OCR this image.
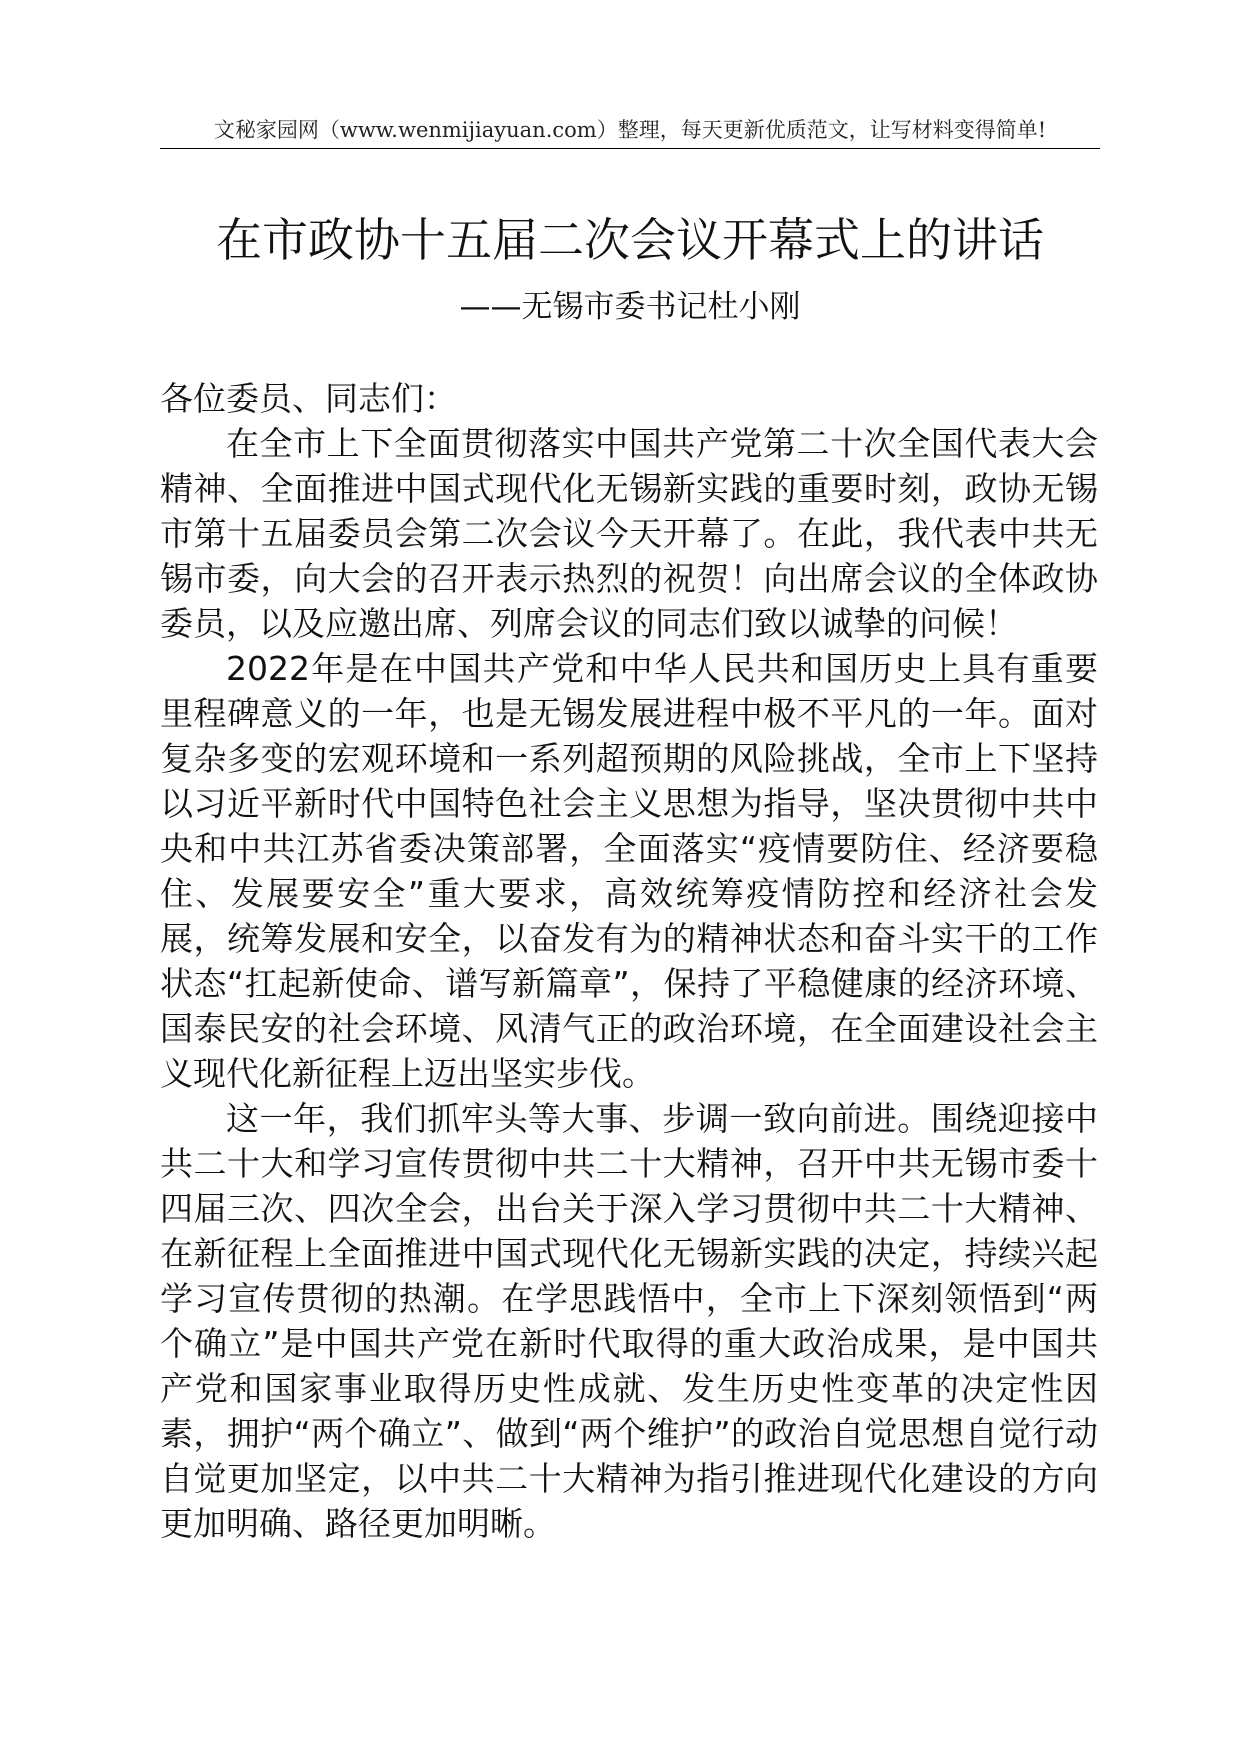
文秘家园网（www.wenmijiayuan.com）整理，每天更新优质范文，让写材料变得简单!
在市政协十五届二次会议开幕式上的讲话
——无锡市委书记杜小刚

各位委员、同志们：

在全市上下全面贯彻落实中国共产党第二十次全国代表大会精神、全面推进中国式现代化无锡新实践的重要时刻，政协无锡市第十五届委员会第二次会议今天开幕了。在此，我代表中共无锡市委，向大会的召开表示热烈的祝贺！向出席会议的全体政协委员，以及应邀出席、列席会议的同志们致以诚挚的问候！

2022年是在中国共产党和中华人民共和国历史上具有重要里程碑意义的一年，也是无锡发展进程中极不平凡的一年。面对复杂多变的宏观环境和一系列超预期的风险挑战，全市上下坚持以习近平新时代中国特色社会主义思想为指导，坚决贯彻中共中央和中共江苏省委决策部署，全面落实“疫情要防住、经济要稳住、发展要安全”重大要求，高效统筹疫情防控和经济社会发展，统筹发展和安全，以奋发有为的精神状态和奋斗实干的工作状态“扛起新使命、谱写新篇章”，保持了平稳健康的经济环境、国泰民安的社会环境、风清气正的政治环境，在全面建设社会主义现代化新征程上迈出坚实步伐。

这一年，我们抓牢头等大事、步调一致向前进。围绕迎接中共二十大和学习宣传贯彻中共二十大精神，召开中共无锡市委十四届三次、四次全会，出台关于深入学习贯彻中共二十大精神、在新征程上全面推进中国式现代化无锡新实践的决定，持续兴起学习宣传贯彻的热潮。在学思践悟中，全市上下深刻领悟到“两个确立”是中国共产党在新时代取得的重大政治成果，是中国共产党和国家事业取得历史性成就、发生历史性变革的决定性因素，拥护“两个确立”、做到“两个维护”的政治自觉思想自觉行动自觉更加坚定，以中共二十大精神为指引推进现代化建设的方向更加明确、路径更加明晰。
